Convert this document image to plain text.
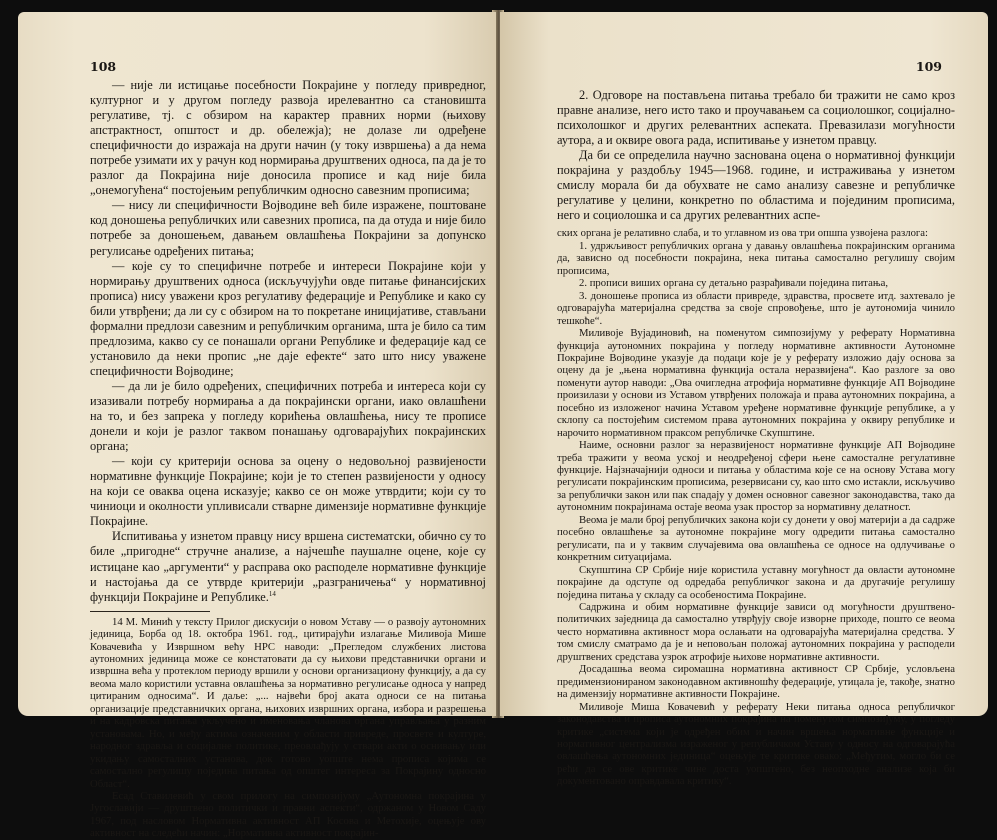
108

— није ли истицање посебности Покрајине у погледу привредног, културног и у другом погледу развоја ирелевантно са становишта регулативе, тј. с обзиром на карактер правних норми (њихову апстрактност, општост и др. обележја); не долазе ли одређене специфичности до изражаја на други начин (у току извршења) а да нема потребе узимати их у рачун код нормирања друштвених односа, па да је то разлог да Покрајина није доносила прописе и кад није била „онемогућена“ постојењим републичким односно савезним прописима;

— нису ли специфичности Војводине већ биле изражене, поштоване код доношења републичких или савезних прописа, па да отуда и није било потребе за доношењем, давањем овлашћења Покрајини за допунско регулисање одређених питања;

— које су то специфичне потребе и интереси Покрајине који у нормирању друштвених односа (искључујући овде питање финансијских прописа) нису уважени кроз регулативу федерације и Републике и како су били утврђени; да ли су с обзиром на то покретане иницијативе, стављани формални предлози савезним и републичким органима, шта је било са тим предлозима, какво су се понашали органи Републике и федерације кад се установило да неки пропис „не даје ефекте“ зато што нису уважене специфичности Војводине;

— да ли је било одређених, специфичних потреба и интереса који су изазивали потребу нормирања а да покрајински органи, иако овлашћени на то, и без запрека у погледу корићења овлашћења, нису те прописе донели и који је разлог таквом понашању одговарајућих покрајинских органа;

— који су критерији основа за оцену о недовољној развијености нормативне функције Покрајине; који је то степен развијености у односу на који се оваква оцена исказује; какво се он може утврдити; који су то чиниоци и околности упливисали стварне димензије нормативне функције Покрајине.

Испитивања у изнетом правцу нису вршена систематски, обично су то биле „пригодне“ стручне анализе, а најчешће паушалне оцене, које су истицане као „аргументи“ у расправа око расподеле нормативне функције и настојања да се утврде критерији „разграничења“ у нормативној функцији Покрајине и Републике.$^{14}$

14 М. Минић у тексту Прилог дискусији о новом Уставу — о развоју аутономних јединица, Борба од 18. октобра 1961. год., цитирајући излагање Миливоја Мише Ковачевића у Извршном већу НРС наводи: „Прегледом службених листова аутономних јединица може се констатовати да су њихови представнички органи и извршна већа у протеклом периоду вршили у основи организациону функцију, а да су веома мало користили уставна овлашћења за нормативно регулисање односа у напред цитираним односима“. И даље: „... највећи број аката односи се на питања организације представничких органа, њихових извршних органа, избора и разрешења и на кадровска питања укључено и именовања чланова органа управљања у разним установама. Но, и међу актима означеним у области привреде, просвете и културе, народног здравља и социјалне политике, преовлађују у ствари акти о оснивању или укидању самосталних установа, док готово уопште нема прописа којима се самостално регулишу поједина питања од општег интереса за Покрајину односно Област“.

Есад Ставилевић у свом прилогу на симпозијуму „Аутономна покрајина у Југославији — друштвено политички и правни аспекти“, одржаном у Новом Саду 1967, под насловом Нормативна активност АП Косова и Метохије, оцењује ову активност на следећи начин: „Нормативна активност покрајин-

109

2. Одговоре на постављена питања требало би тражити не само кроз правне анализе, него исто тако и проучавањем са социолошког, социјално-психолошког и других релевантних аспеката. Превазилази могућности аутора, а и оквире овога рада, испитивање у изнетом правцу.

Да би се определила научно заснована оцена о нормативној функцији покрајина у раздобљу 1945—1968. године, и истраживања у изнетом смислу морала би да обухвате не само анализу савезне и републичке регулативе у целини, конкретно по областима и појединим прописима, него и социолошка и са других релевантних аспе-

ских органа је релативно слаба, и то углавном из ова три опшпа узвојена разлога:

1. удржљивост републичких органа у давању овлашћења покрајинским органима да, зависно од посебности покрајина, нека питања самостално регулишу својим прописима,

2. прописи виших органа су детаљно разрађивали поједина питања,

3. доношење прописа из области привреде, здравства, просвете итд. захтевало је одговарајућа материјална средства за своје спровођење, што је аутономија чинило тешкоће“.

Миливоје Вујадиновић, на поменутом симпозијуму у реферату Нормативна функција аутономних покрајина у погледу нормативне активности Аутономне Покрајине Војводине указује да подаци које је у реферату изложио дају основа за оцену да је „њена нормативна функција остала неразвијена“. Као разлоге за ово поменути аутор наводи: „Ова очигледна атрофија нормативне функције АП Војводине произилази у основи из Уставом утврђених положаја и права аутономних покрајина, а посебно из изложеног начина Уставом уређене нормативне функције републике, а у склопу са постојећим системом права аутономних покрајина у оквиру републике и нарочито нормативном праксом републичке Скупштине.

Наиме, основни разлог за неразвијеност нормативне функције АП Војводине треба тражити у веома уској и неодређеној сфери њене самосталне регулативне функције. Најзначајнији односи и питања у областима које се на основу Устава могу регулисати покрајинским прописима, резервисани су, као што смо истакли, искључиво за републички закон или пак спадају у домен основног савезног законодавства, тако да аутономним покрајинама остаје веома узак простор за нормативну делатност.

Веома је мали број републичких закона који су донети у овој материји а да садрже посебно овлашћење за аутономне покрајине могу одредити питања самостално регулисати, па и у таквим случајевима ова овлашћења се односе на одлучивање о конкретним ситуацијама.

Скупштина СР Србије није користила уставну могућност да овласти аутономне покрајине да одступе од одредаба републичког закона и да другачије регулишу поједина питања у складу са особеностима Покрајине.

Садржина и обим нормативне функције зависи од могућности друштвено-политичких заједница да самостално утврђују своје изворне приходе, пошто се веома често нормативна активност мора ослањати на одговарајућа материјална средства. У том смислу сматрамо да је и неповољан положај аутономних покрајина у расподели друштвених средстава узрок атрофије њихове нормативне активности.

Досадашња веома сиромашна нормативна активност СР Србије, условљена предимензионираном законодавном активношћу федерације, утицала је, такође, знатно на димензију нормативне активности Покрајине.

Миливоје Миша Ковачевић у реферату Неки питања односа републичког законодавства и прописа аутономних покрајина на поменутом симпозијуму, у погледу критике „система који је одређен обим и начин вршења нормативне функције и нормативног централизма израженог у републичком Уставу у односу на одговарајућа овлашћења аутономних јединица“ оцењује те критике овако: „Међутим, могло би се рећи да се ове критике чине доста уопштено, без неопходне анализе која би документовано оправдавала критику“.
